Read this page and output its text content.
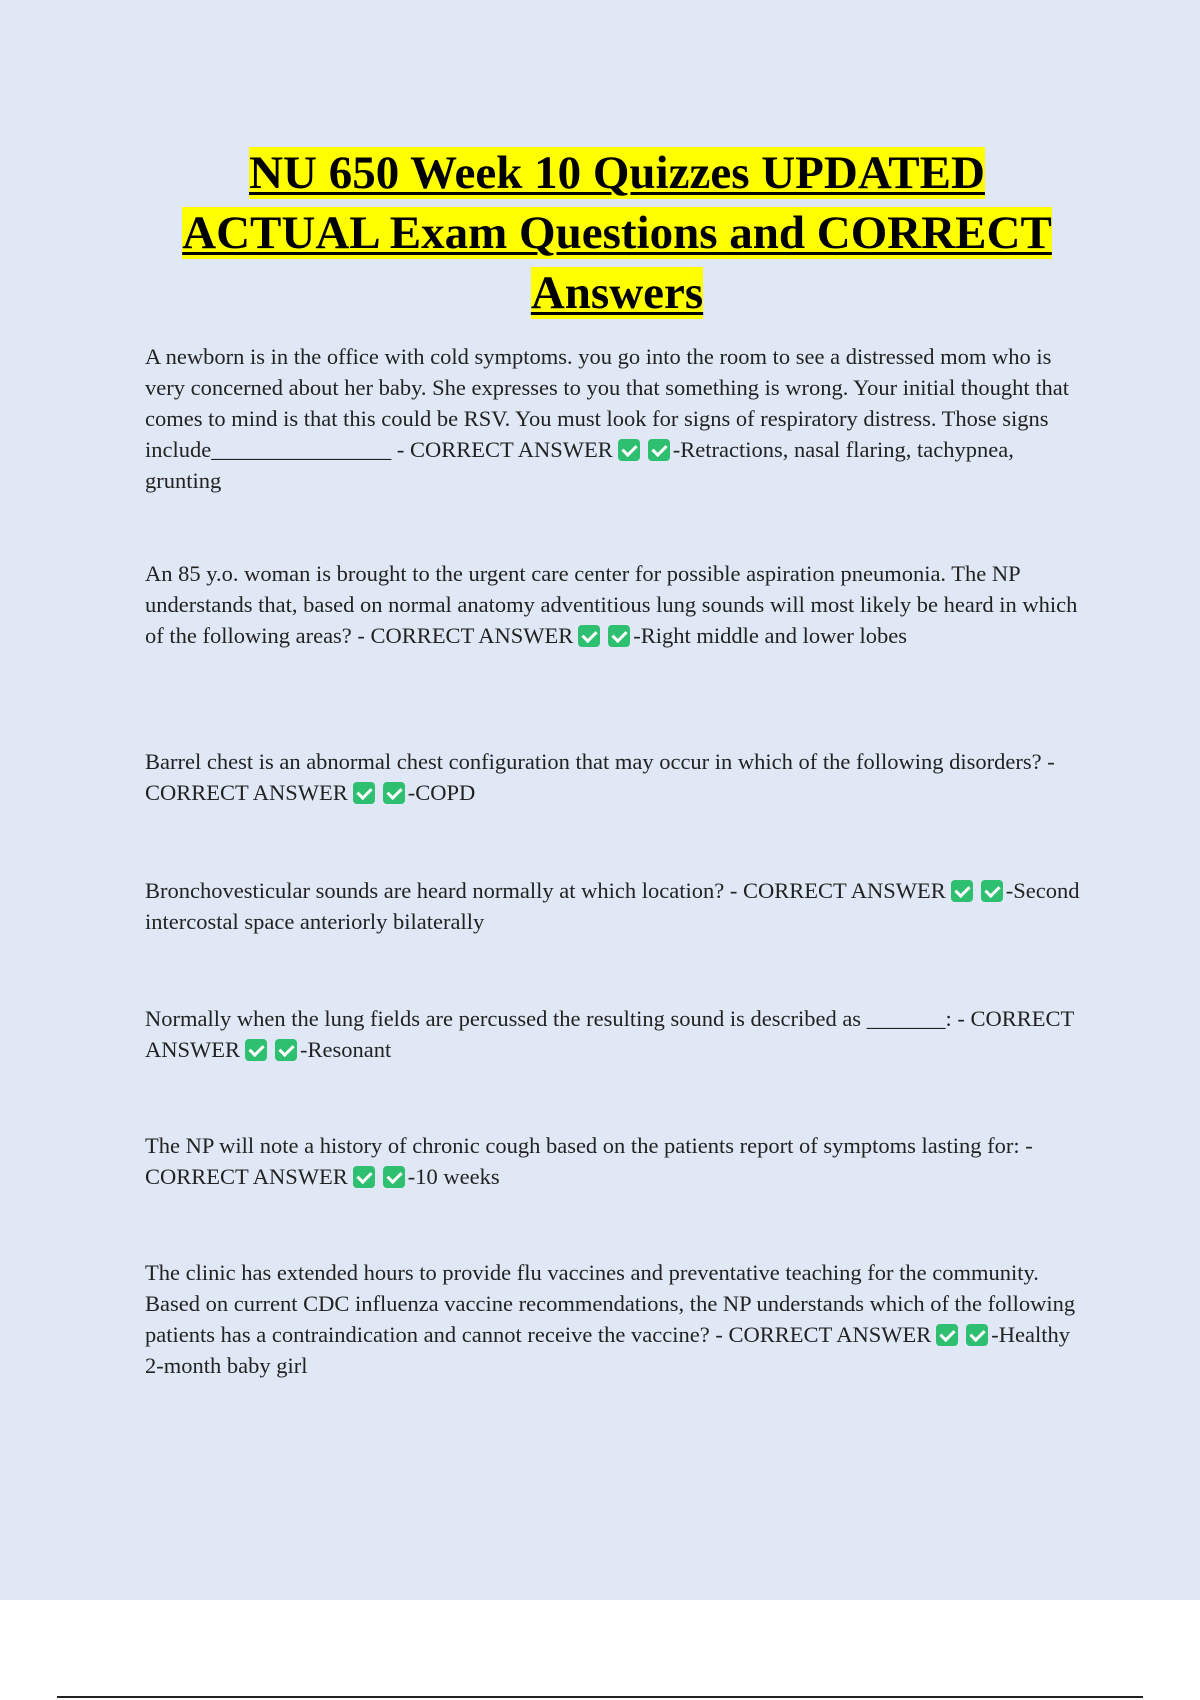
NU 650 Week 10 Quizzes UPDATED
ACTUAL Exam Questions and CORRECT
Answers
A newborn is in the office with cold symptoms. you go into the room to see a distressed mom who is very concerned about her baby. She expresses to you that something is wrong. Your initial thought that comes to mind is that this could be RSV. You must look for signs of respiratory distress. Those signs include________________ - CORRECT ANSWER	-Retractions, nasal flaring, tachypnea, grunting
An 85 y.o. woman is brought to the urgent care center for possible aspiration pneumonia. The NP understands that, based on normal anatomy adventitious lung sounds will most likely be heard in which of the following areas? - CORRECT ANSWER	-Right middle and lower lobes
Barrel chest is an abnormal chest configuration that may occur in which of the following disorders? - CORRECT ANSWER	-COPD
Bronchovesticular sounds are heard normally at which location? - CORRECT ANSWER	-Second intercostal space anteriorly bilaterally
Normally when the lung fields are percussed the resulting sound is described as _______: - CORRECT ANSWER	-Resonant
The NP will note a history of chronic cough based on the patients report of symptoms lasting for: - CORRECT ANSWER	-10 weeks
The clinic has extended hours to provide flu vaccines and preventative teaching for the community. Based on current CDC influenza vaccine recommendations, the NP understands which of the following patients has a contraindication and cannot receive the vaccine? - CORRECT ANSWER	-Healthy 2-month baby girl
